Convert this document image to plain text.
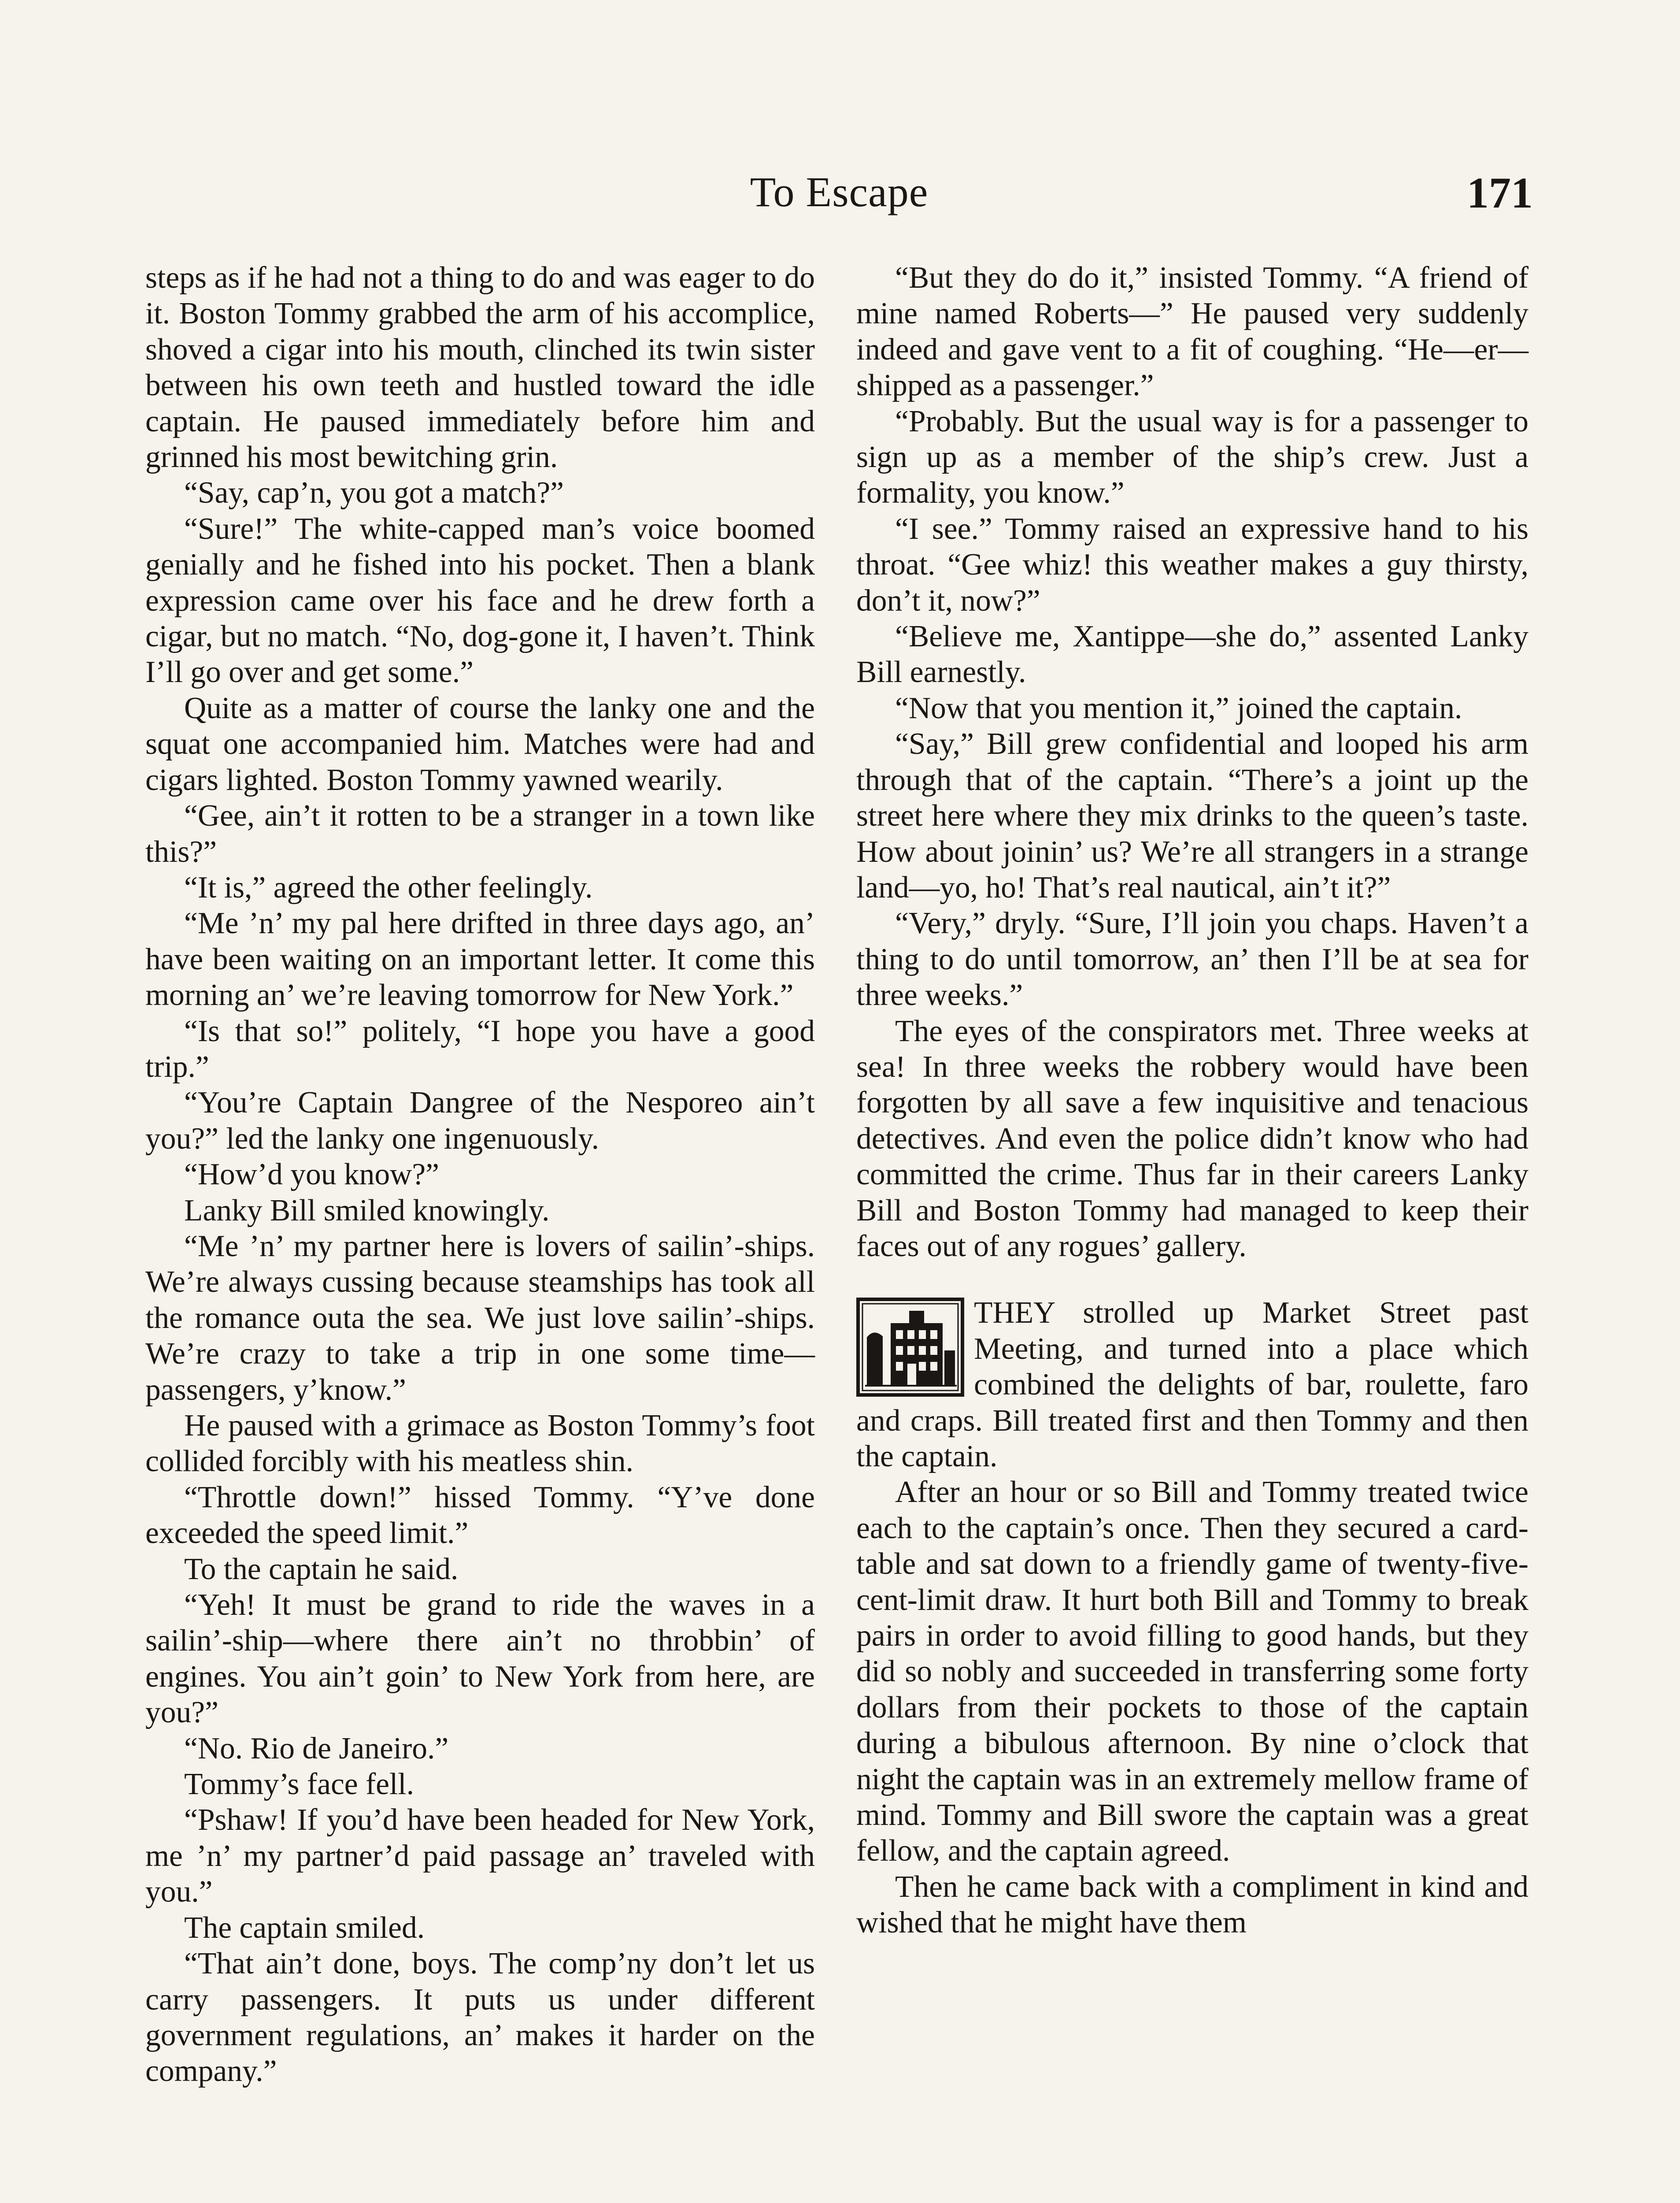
To Escape	171

steps as if he had not a thing to do and was eager to do it. Boston Tommy grabbed the arm of his accomplice, shoved a cigar into his mouth, clinched its twin sister between his own teeth and hustled toward the idle captain. He paused immediately before him and grinned his most bewitching grin.

“Say, cap’n, you got a match?”

“Sure!” The white-capped man’s voice boomed genially and he fished into his pocket. Then a blank expression came over his face and he drew forth a cigar, but no match. “No, dog-gone it, I haven’t. Think I’ll go over and get some.”

Quite as a matter of course the lanky one and the squat one accompanied him. Matches were had and cigars lighted. Boston Tommy yawned wearily.

“Gee, ain’t it rotten to be a stranger in a town like this?”

“It is,” agreed the other feelingly.

“Me ’n’ my pal here drifted in three days ago, an’ have been waiting on an important letter. It come this morning an’ we’re leaving tomorrow for New York.”

“Is that so!” politely, “I hope you have a good trip.”

“You’re Captain Dangree of the Nesporeo ain’t you?” led the lanky one ingenuously.

“How’d you know?”

Lanky Bill smiled knowingly.

“Me ’n’ my partner here is lovers of sailin’-ships. We’re always cussing because steamships has took all the romance outa the sea. We just love sailin’-ships. We’re crazy to take a trip in one some time—passengers, y’know.”

He paused with a grimace as Boston Tommy’s foot collided forcibly with his meatless shin.

“Throttle down!” hissed Tommy. “Y’ve done exceeded the speed limit.”

To the captain he said.

“Yeh! It must be grand to ride the waves in a sailin’-ship—where there ain’t no throbbin’ of engines. You ain’t goin’ to New York from here, are you?”

“No. Rio de Janeiro.”

Tommy’s face fell.

“Pshaw! If you’d have been headed for New York, me ’n’ my partner’d paid passage an’ traveled with you.”

The captain smiled.

“That ain’t done, boys. The comp’ny don’t let us carry passengers. It puts us under different government regulations, an’ makes it harder on the company.”

“But they do do it,” insisted Tommy. “A friend of mine named Roberts—” He paused very suddenly indeed and gave vent to a fit of coughing. “He—er—shipped as a passenger.”

“Probably. But the usual way is for a passenger to sign up as a member of the ship’s crew. Just a formality, you know.”

“I see.” Tommy raised an expressive hand to his throat. “Gee whiz! this weather makes a guy thirsty, don’t it, now?”

“Believe me, Xantippe—she do,” assented Lanky Bill earnestly.

“Now that you mention it,” joined the captain.

“Say,” Bill grew confidential and looped his arm through that of the captain. “There’s a joint up the street here where they mix drinks to the queen’s taste. How about joinin’ us? We’re all strangers in a strange land—yo, ho! That’s real nautical, ain’t it?”

“Very,” dryly. “Sure, I’ll join you chaps. Haven’t a thing to do until tomorrow, an’ then I’ll be at sea for three weeks.”

The eyes of the conspirators met. Three weeks at sea! In three weeks the robbery would have been forgotten by all save a few inquisitive and tenacious detectives. And even the police didn’t know who had committed the crime. Thus far in their careers Lanky Bill and Boston Tommy had managed to keep their faces out of any rogues’ gallery.

THEY strolled up Market Street past Meeting, and turned into a place which combined the delights of bar, roulette, faro and craps. Bill treated first and then Tommy and then the captain.

After an hour or so Bill and Tommy treated twice each to the captain’s once. Then they secured a card-table and sat down to a friendly game of twenty-five-cent-limit draw. It hurt both Bill and Tommy to break pairs in order to avoid filling to good hands, but they did so nobly and succeeded in transferring some forty dollars from their pockets to those of the captain during a bibulous afternoon. By nine o’clock that night the captain was in an extremely mellow frame of mind. Tommy and Bill swore the captain was a great fellow, and the captain agreed.

Then he came back with a compliment in kind and wished that he might have them
